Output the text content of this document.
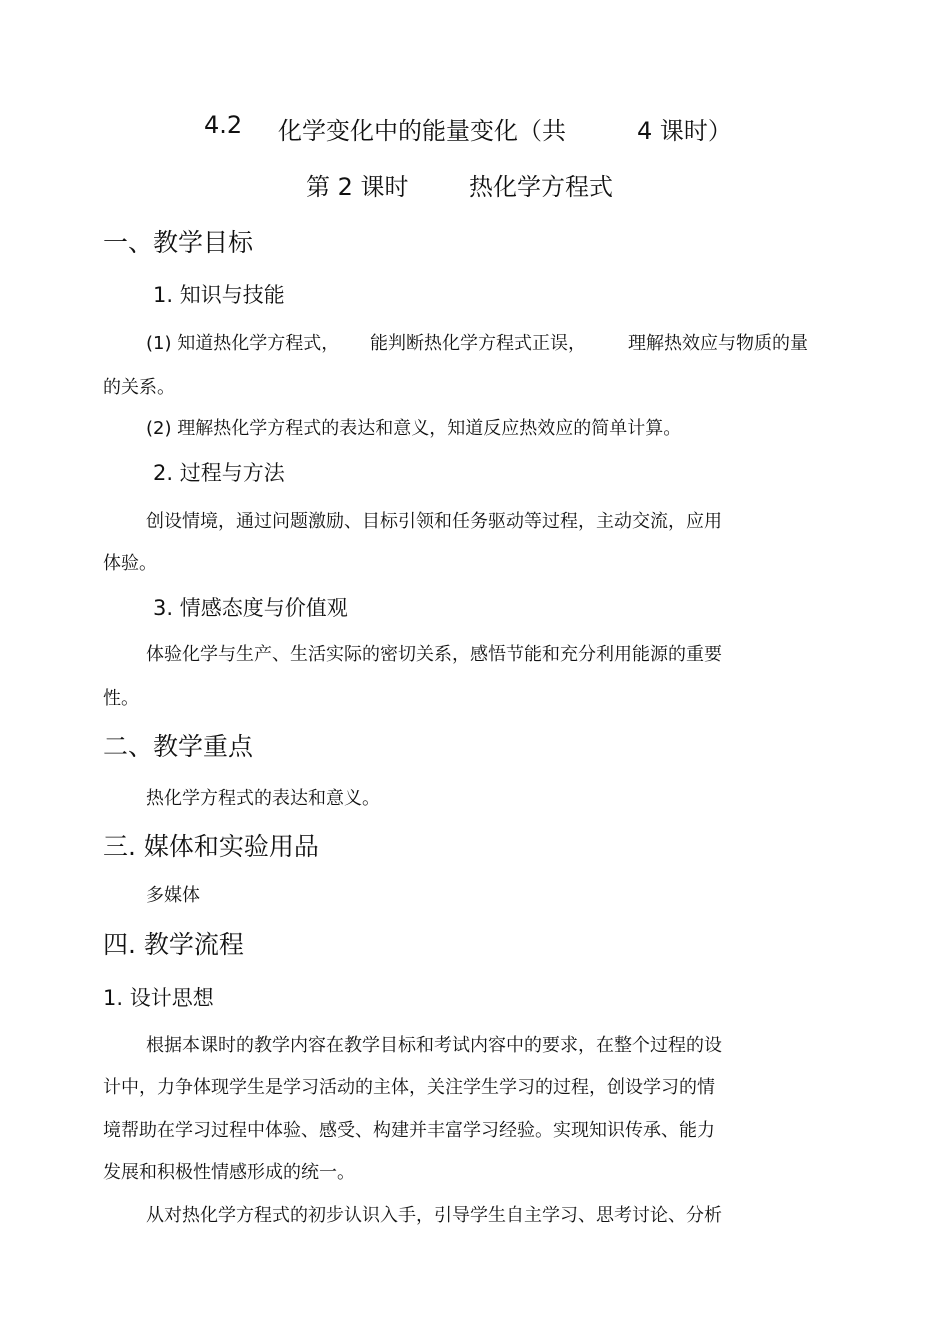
4.2 化学变化中的能量变化（共	4 课时）
第 2 课时	热化学方程式
一、教学目标
1. 知识与技能
(1) 知道热化学方程式， 能判断热化学方程式正误， 理解热效应与物质的量
的关系。
(2) 理解热化学方程式的表达和意义，知道反应热效应的简单计算。
2. 过程与方法
创设情境，通过问题激励、目标引领和任务驱动等过程，主动交流，应用
体验。
3. 情感态度与价值观
体验化学与生产、生活实际的密切关系，感悟节能和充分利用能源的重要
性。
二、教学重点
热化学方程式的表达和意义。
三. 媒体和实验用品
多媒体
四. 教学流程
1. 设计思想
根据本课时的教学内容在教学目标和考试内容中的要求，在整个过程的设
计中，力争体现学生是学习活动的主体，关注学生学习的过程，创设学习的情
境帮助在学习过程中体验、感受、构建并丰富学习经验。实现知识传承、能力
发展和积极性情感形成的统一。
从对热化学方程式的初步认识入手，引导学生自主学习、思考讨论、分析
